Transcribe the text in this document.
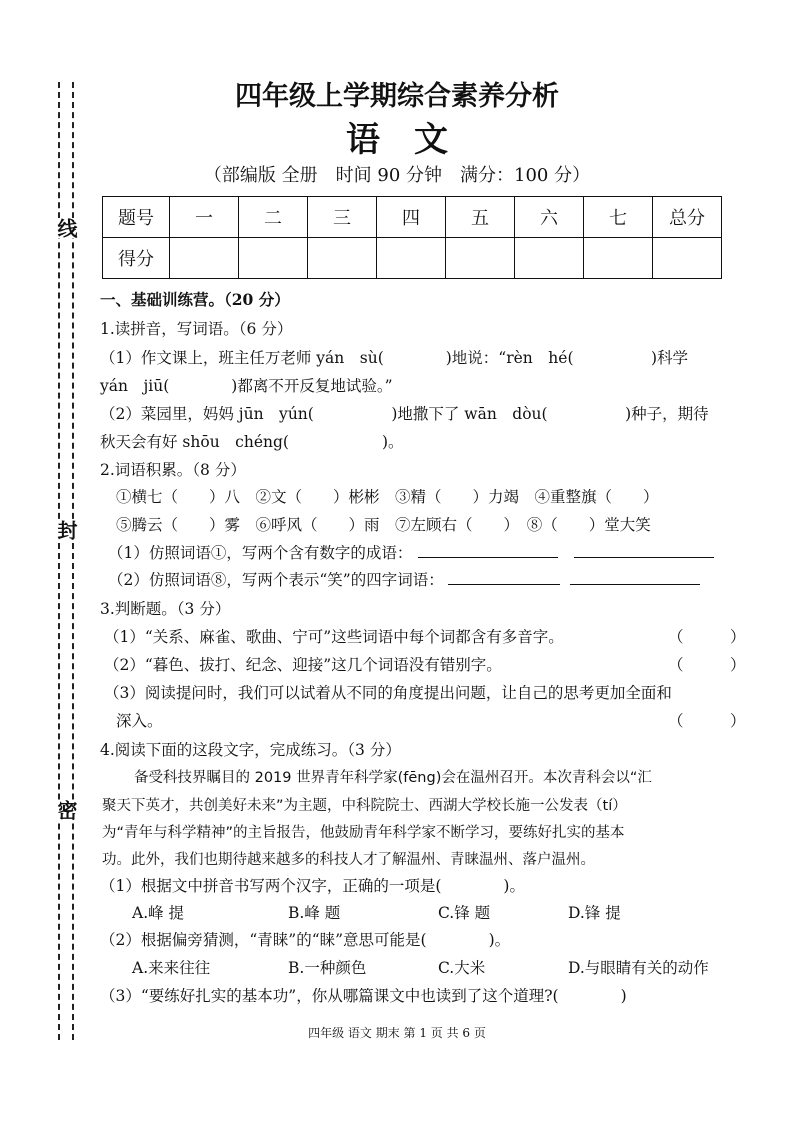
线
封
密
四年级上学期综合素养分析
语　文
（部编版 全册　时间 90 分钟　满分：100 分）
题号	一	二	三	四	五	六	七	总分
得分								
一、基础训练营。（20 分）
1.读拼音，写词语。（6 分）
（1）作文课上，班主任万老师 yán　sù(　　　　)地说：“rèn　hé(　　　　　)科学
yán　jiū(　　　　)都离不开反复地试验。”
（2）菜园里，妈妈 jūn　yún(　　　　　)地撒下了 wān　dòu(　　　　　)种子，期待
秋天会有好 shōu　chéng(　　　　　　)。
2.词语积累。（8 分）
①横七（　　）八　②文（　　）彬彬　③精（　　）力竭　④重整旗（　　）
⑤腾云（　　）雾　⑥呼风（　　）雨　⑦左顾右（　　）　⑧（　　）堂大笑
（1）仿照词语①，写两个含有数字的成语：
（2）仿照词语⑧，写两个表示“笑”的四字词语：
3.判断题。（3 分）
（1）“关系、麻雀、歌曲、宁可”这些词语中每个词都含有多音字。	（　　　）
（2）“暮色、拔打、纪念、迎接”这几个词语没有错别字。	（　　　）
（3）阅读提问时，我们可以试着从不同的角度提出问题，让自己的思考更加全面和
深入。	（　　　）
4.阅读下面的这段文字，完成练习。（3 分）
备受科技界瞩目的 2019 世界青年科学家(fēng)会在温州召开。本次青科会以“汇
聚天下英才，共创美好未来”为主题，中科院院士、西湖大学校长施一公发表（tí）
为“青年与科学精神”的主旨报告，他鼓励青年科学家不断学习，要练好扎实的基本
功。此外，我们也期待越来越多的科技人才了解温州、青睐温州、落户温州。
（1）根据文中拼音书写两个汉字，正确的一项是(　　　　)。
A.峰 提	B.峰 题	C.锋 题	D.锋 提
（2）根据偏旁猜测，“青睐”的“睐”意思可能是(　　　　)。
A.来来往往	B.一种颜色	C.大米	D.与眼睛有关的动作
（3）“要练好扎实的基本功”，你从哪篇课文中也读到了这个道理?(　　　　)
四年级 语文 期末 第 1 页 共 6 页
